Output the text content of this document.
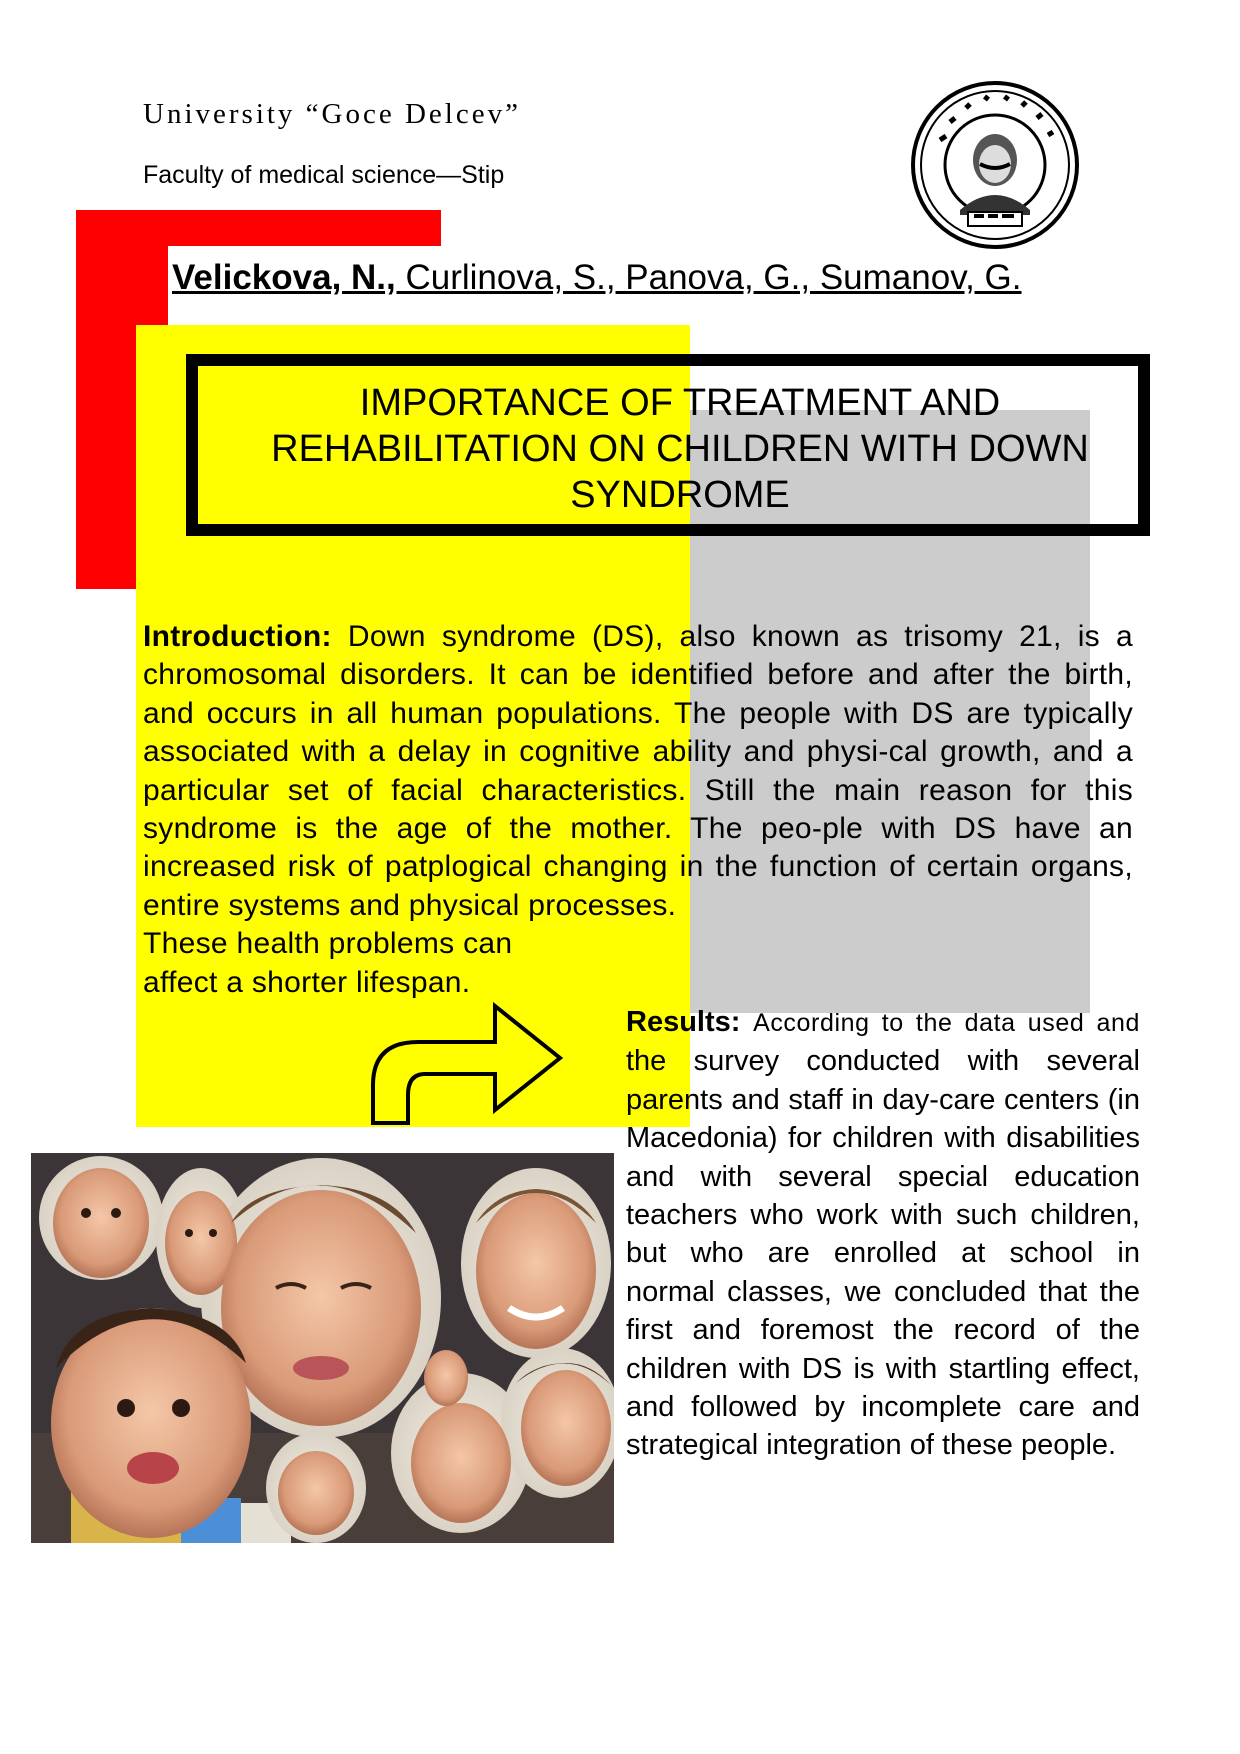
University “Goce Delcev”
Faculty of medical science—Stip
Velickova, N., Curlinova, S., Panova, G., Sumanov, G.
IMPORTANCE OF TREATMENT AND
REHABILITATION ON CHILDREN WITH DOWN
SYNDROME
Introduction: Down syndrome (DS), also known as trisomy 21, is a chromosomal disorders. It can be identified before and after the birth, and occurs in all human populations. The people with DS are typically associated with a delay in cognitive ability and physi-cal growth, and a particular set of facial characteristics. Still the main reason for this syndrome is the age of the mother. The peo-ple with DS have an increased risk of patplogical changing in the function of certain organs, entire systems and physical processes.
These health problems can
affect a shorter lifespan.
Results: According to the data used and the survey conducted with several parents and staff in day-care centers (in Macedonia) for children with disabilities and with several special education teachers who work with such children, but who are enrolled at school in normal classes, we concluded that the first and foremost the record of the children with DS is with startling effect, and followed by incomplete care and strategical integration of these people.
